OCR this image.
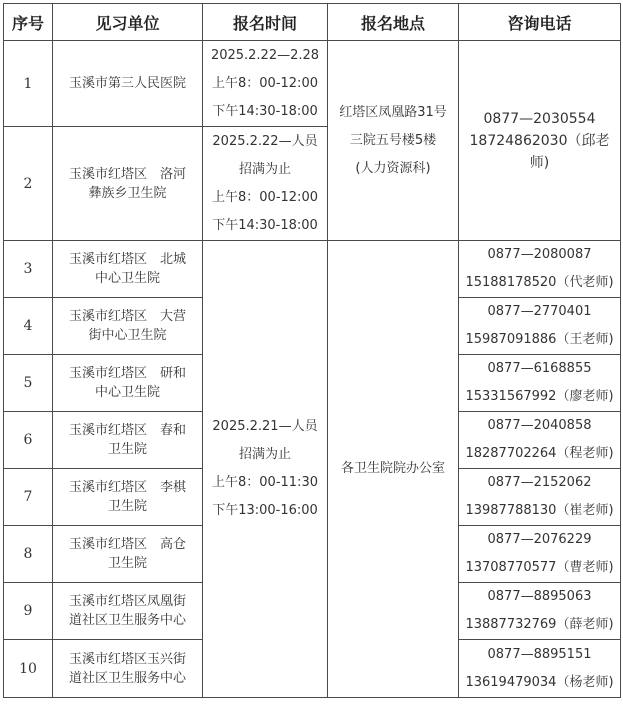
序号	见习单位	报名时间	报名地点	咨询电话
1	玉溪市第三人民医院	2025.2.22—2.28
上午8：00-12:00
下午14:30-18:00	红塔区凤凰路31号
三院五号楼5楼
(人力资源科)	0877—2030554
18724862030（邱老
师)

2	玉溪市红塔区　洛河
彝族乡卫生院	2025.2.22—人员
招满为止
上午8：00-12:00
下午14:30-18:00		

3	玉溪市红塔区　北城
中心卫生院	2025.2.21—人员
招满为止
上午8：00-11:30
下午13:00-16:00	各卫生院院办公室	0877—2080087
15188178520（代老师)

4	玉溪市红塔区　大营
街中心卫生院			0877—2770401
15987091886（王老师)

5	玉溪市红塔区　研和
中心卫生院			0877—6168855
15331567992（廖老师)

6	玉溪市红塔区　春和
卫生院			0877—2040858
18287702264（程老师)

7	玉溪市红塔区　李棋
卫生院			0877—2152062
13987788130（崔老师)

8	玉溪市红塔区　高仓
卫生院			0877—2076229
13708770577（曹老师)

9	玉溪市红塔区凤凰街
道社区卫生服务中心			0877—8895063
13887732769（薛老师)

10	玉溪市红塔区玉兴街
道社区卫生服务中心			0877—8895151
13619479034（杨老师)
